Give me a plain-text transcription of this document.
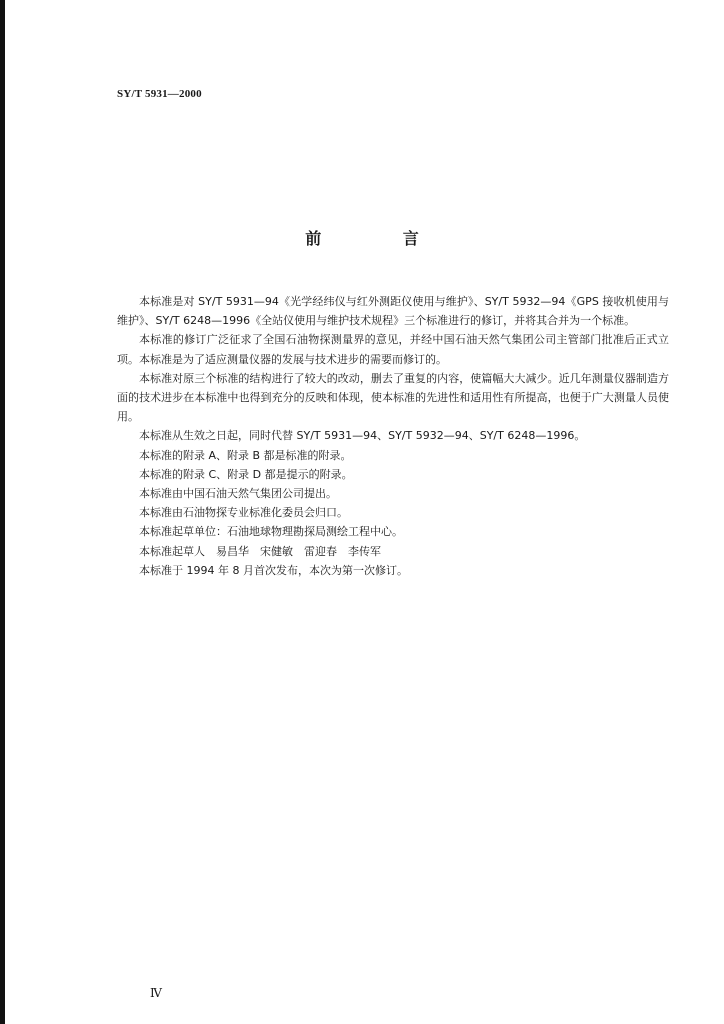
SY/T 5931—2000
前 言

本标准是对 SY/T 5931—94《光学经纬仪与红外测距仪使用与维护》、SY/T 5932—94《GPS 接收机使用与维护》、SY/T 6248—1996《全站仪使用与维护技术规程》三个标准进行的修订，并将其合并为一个标准。

本标准的修订广泛征求了全国石油物探测量界的意见，并经中国石油天然气集团公司主管部门批准后正式立项。本标准是为了适应测量仪器的发展与技术进步的需要而修订的。

本标准对原三个标准的结构进行了较大的改动，删去了重复的内容，使篇幅大大减少。近几年测量仪器制造方面的技术进步在本标准中也得到充分的反映和体现，使本标准的先进性和适用性有所提高，也便于广大测量人员使用。

本标准从生效之日起，同时代替 SY/T 5931—94、SY/T 5932—94、SY/T 6248—1996。

本标准的附录 A、附录 B 都是标准的附录。

本标准的附录 C、附录 D 都是提示的附录。

本标准由中国石油天然气集团公司提出。

本标准由石油物探专业标准化委员会归口。

本标准起草单位：石油地球物理勘探局测绘工程中心。

本标准起草人　易昌华　宋健敏　雷迎春　李传军

本标准于 1994 年 8 月首次发布，本次为第一次修订。

Ⅳ
